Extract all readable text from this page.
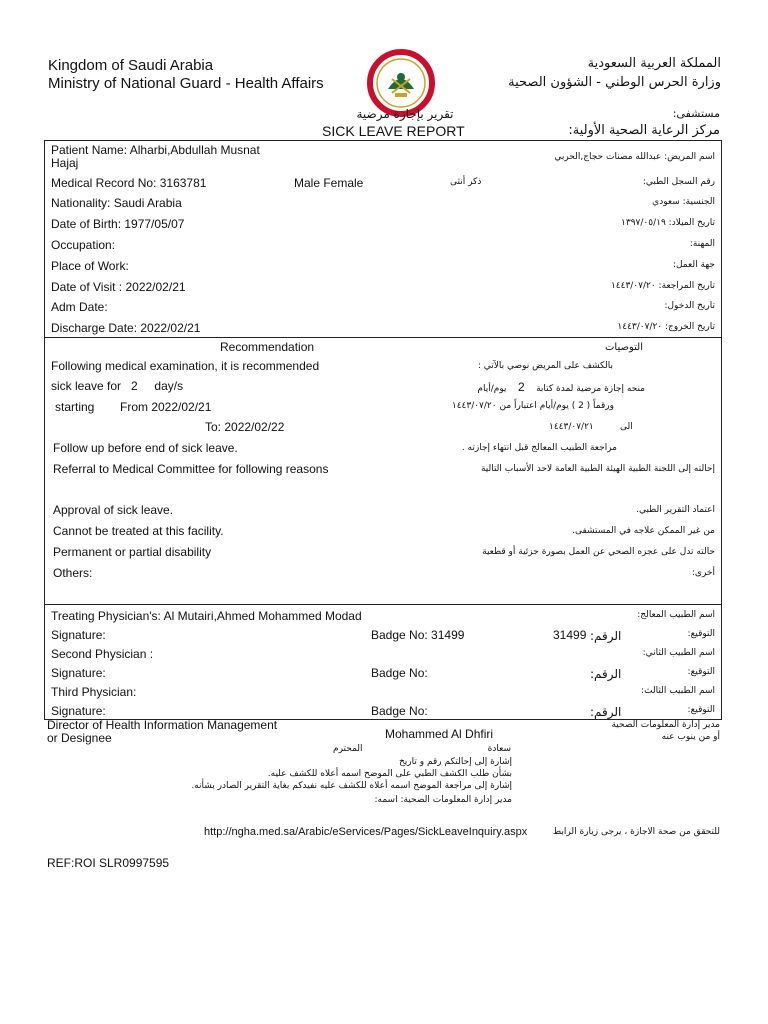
Kingdom of Saudi Arabia
Ministry of National Guard - Health Affairs
المملكة العربية السعودية
وزارة الحرس الوطني - الشؤون الصحية
تقرير بإجازة مرضية
SICK LEAVE REPORT
مستشفى:
مركز الرعاية الصحية الأولية:
Patient Name: Alharbi,Abdullah Musnat
Hajaj	اسم المريض: عبدالله مصنات حجاج,الحربي
Medical Record No: 3163781	Male Female	ذكر أنثى	رقم السجل الطبي:
Nationality: Saudi Arabia	الجنسية: سعودي
Date of Birth: 1977/05/07	تاريخ الميلاد: ١٣٩٧/٠٥/١٩
Occupation:	المهنة:
Place of Work:	جهة العمل:
Date of Visit : 2022/02/21	تاريخ المراجعة: ١٤٤٣/٠٧/٢٠
Adm Date:	تاريخ الدخول:
Discharge Date: 2022/02/21	تاريخ الخروج: ١٤٤٣/٠٧/٢٠
Recommendation	التوصيات
Following medical examination, it is recommended	بالكشف على المريض نوصي بالآتي :
sick leave for 2 day/s	منحه إجازة مرضية لمدة كتابة    2    يوم/أيام
starting From 2022/02/21	ورقماً ( 2 ) يوم/أيام اعتباراً من ١٤٤٣/٠٧/٢٠
To: 2022/02/22	١٤٤٣/٠٧/٢١	الى
Follow up before end of sick leave.	مراجعة الطبيب المعالج قبل انتهاء إجازته .
Referral to Medical Committee for following reasons	إحالته إلى اللجنة الطبية الهيئة الطبية العامة لاحد الأسباب التالية
Approval of sick leave.	اعتماد التقرير الطبي.
Cannot be treated at this facility.	من غير الممكن علاجه في المستشفى.
Permanent or partial disability	حالته تدل على عجزه الصحي عن العمل بصورة جزئية أو قطعية
Others:	أخرى:
Treating Physician's: Al Mutairi,Ahmed Mohammed Modad	اسم الطبيب المعالج:
Signature:	Badge No: 31499	31499 الرقم:	التوقيع:
Second Physician :	اسم الطبيب الثاني:
Signature:	Badge No:	الرقم:	التوقيع:
Third Physician:	اسم الطبيب الثالث:
Signature:	Badge No:	الرقم:	التوقيع:
Director of Health Information Management
or Designee	Mohammed Al Dhfiri
مدير إدارة المعلومات الصحية
أو من ينوب عنه
المحترم	سعادة
إشارة إلى إحالتكم رقم و تاريخ
بشأن طلب الكشف الطبي على الموضح اسمه أعلاه للكشف عليه.
إشارة إلى مراجعة الموضح اسمه أعلاه للكشف عليه نفيدكم بغاية التقرير الصادر بشأنه.
مدير إدارة المعلومات الصحية: اسمه:
http://ngha.med.sa/Arabic/eServices/Pages/SickLeaveInquiry.aspx	للتحقق من صحة الاجازة ، يرجى زيارة الرابط
REF:ROI SLR0997595
